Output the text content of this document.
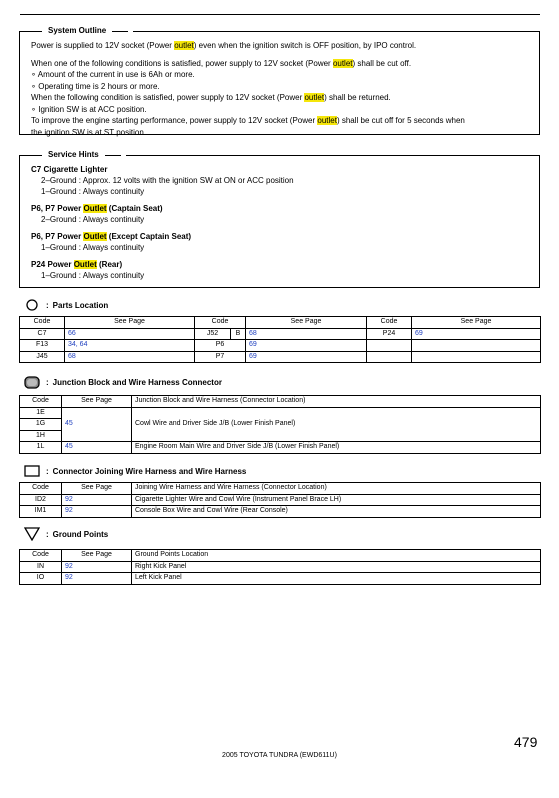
System Outline
Power is supplied to 12V socket (Power outlet) even when the ignition switch is OFF position, by IPO control.
When one of the following conditions is satisfied, power supply to 12V socket (Power outlet) shall be cut off.
∘ Amount of the current in use is 6Ah or more.
∘ Operating time is 2 hours or more.
When the following condition is satisfied, power supply to 12V socket (Power outlet) shall be returned.
∘ Ignition SW is at ACC position.
To improve the engine starting performance, power supply to 12V socket (Power outlet) shall be cut off for 5 seconds when
the ignition SW is at ST position.
Service Hints
C7 Cigarette Lighter
2–Ground : Approx. 12 volts with the ignition SW at ON or ACC position
1–Ground : Always continuity
P6, P7 Power Outlet (Captain Seat)
2–Ground : Always continuity
P6, P7 Power Outlet (Except Captain Seat)
1–Ground : Always continuity
P24 Power Outlet (Rear)
1–Ground : Always continuity
: Parts Location
Code	See Page	Code		See Page	Code	See Page
C7	66	J52	B	68	P24	69
F13	34, 64	P6		69		
J45	68	P7		69		
: Junction Block and Wire Harness Connector
Code	See Page	Junction Block and Wire Harness (Connector Location)
1E	45	Cowl Wire and Driver Side J/B (Lower Finish Panel)
1G		
1H		
1L	45	Engine Room Main Wire and Driver Side J/B (Lower Finish Panel)
: Connector Joining Wire Harness and Wire Harness
Code	See Page	Joining Wire Harness and Wire Harness (Connector Location)
ID2	92	Cigarette Lighter Wire and Cowl Wire (Instrument Panel Brace LH)
IM1	92	Console Box Wire and Cowl Wire (Rear Console)
: Ground Points
Code	See Page	Ground Points Location
IN	92	Right Kick Panel
IO	92	Left Kick Panel
479
2005 TOYOTA TUNDRA (EWD611U)
